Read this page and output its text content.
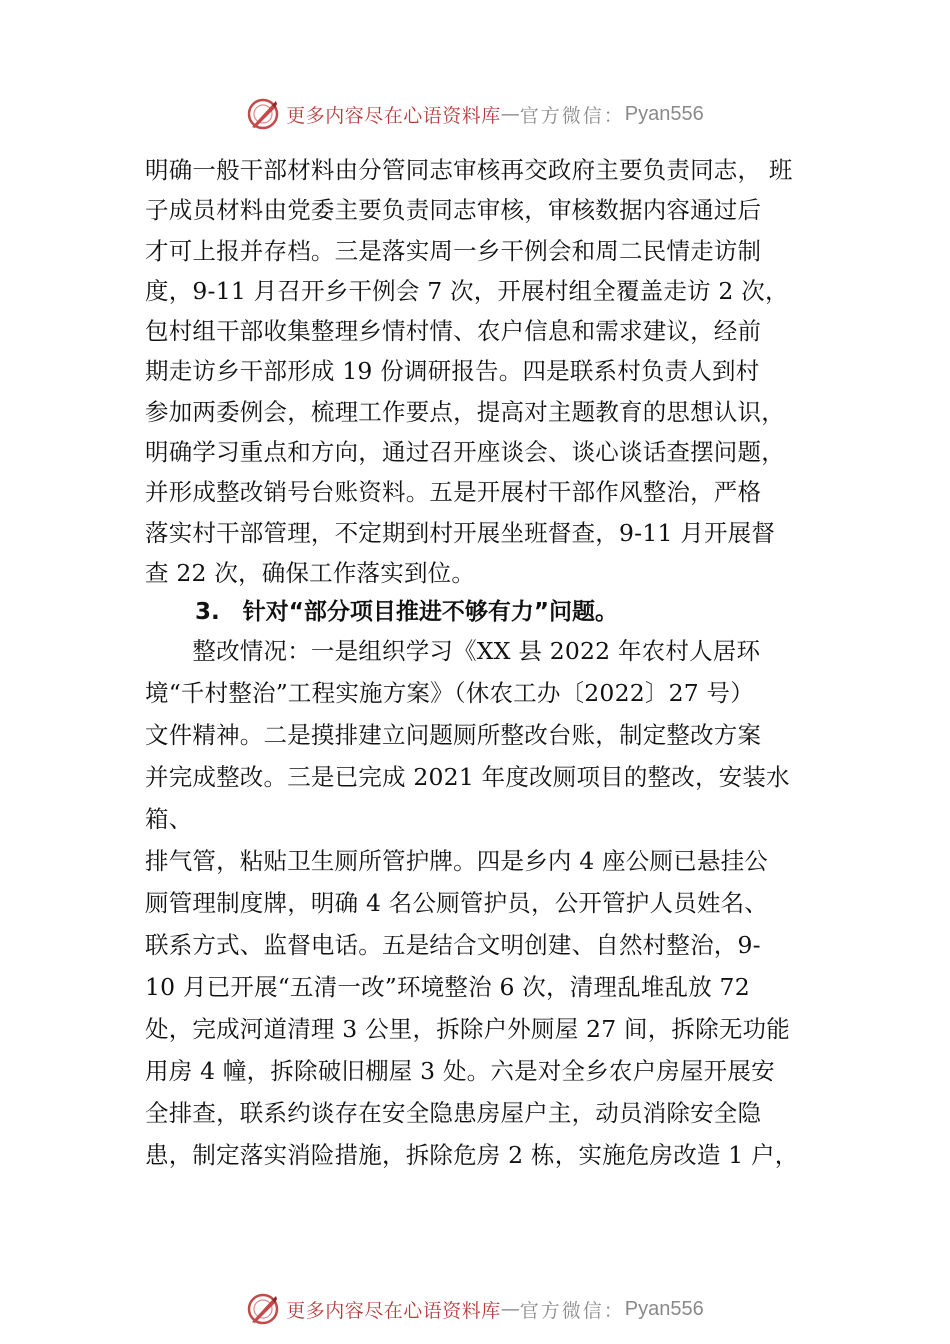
更多内容尽在心语资料库 — 官方微信： Pyan556
明确一般干部材料由分管同志审核再交政府主要负责同志， 班
子成员材料由党委主要负责同志审核，审核数据内容通过后
才可上报并存档。三是落实周一乡干例会和周二民情走访制
度，9-11 月召开乡干例会 7 次，开展村组全覆盖走访 2 次，
包村组干部收集整理乡情村情、农户信息和需求建议，经前
期走访乡干部形成 19 份调研报告。四是联系村负责人到村
参加两委例会，梳理工作要点，提高对主题教育的思想认识，
明确学习重点和方向，通过召开座谈会、谈心谈话查摆问题，
并形成整改销号台账资料。五是开展村干部作风整治，严格
落实村干部管理，不定期到村开展坐班督查，9-11 月开展督
查 22 次，确保工作落实到位。
3.　针对“部分项目推进不够有力”问题。
　　整改情况：一是组织学习《XX 县 2022 年农村人居环
境“千村整治”工程实施方案》（休农工办〔2022〕27 号）
文件精神。二是摸排建立问题厕所整改台账，制定整改方案
并完成整改。三是已完成 2021 年度改厕项目的整改，安装水
箱、
排气管，粘贴卫生厕所管护牌。四是乡内 4 座公厕已悬挂公
厕管理制度牌，明确 4 名公厕管护员，公开管护人员姓名、
联系方式、监督电话。五是结合文明创建、自然村整治，9-
10 月已开展“五清一改”环境整治 6 次，清理乱堆乱放 72
处，完成河道清理 3 公里，拆除户外厕屋 27 间，拆除无功能
用房 4 幢，拆除破旧棚屋 3 处。六是对全乡农户房屋开展安
全排查，联系约谈存在安全隐患房屋户主，动员消除安全隐
患，制定落实消险措施，拆除危房 2 栋，实施危房改造 1 户，
更多内容尽在心语资料库 — 官方微信： Pyan556
